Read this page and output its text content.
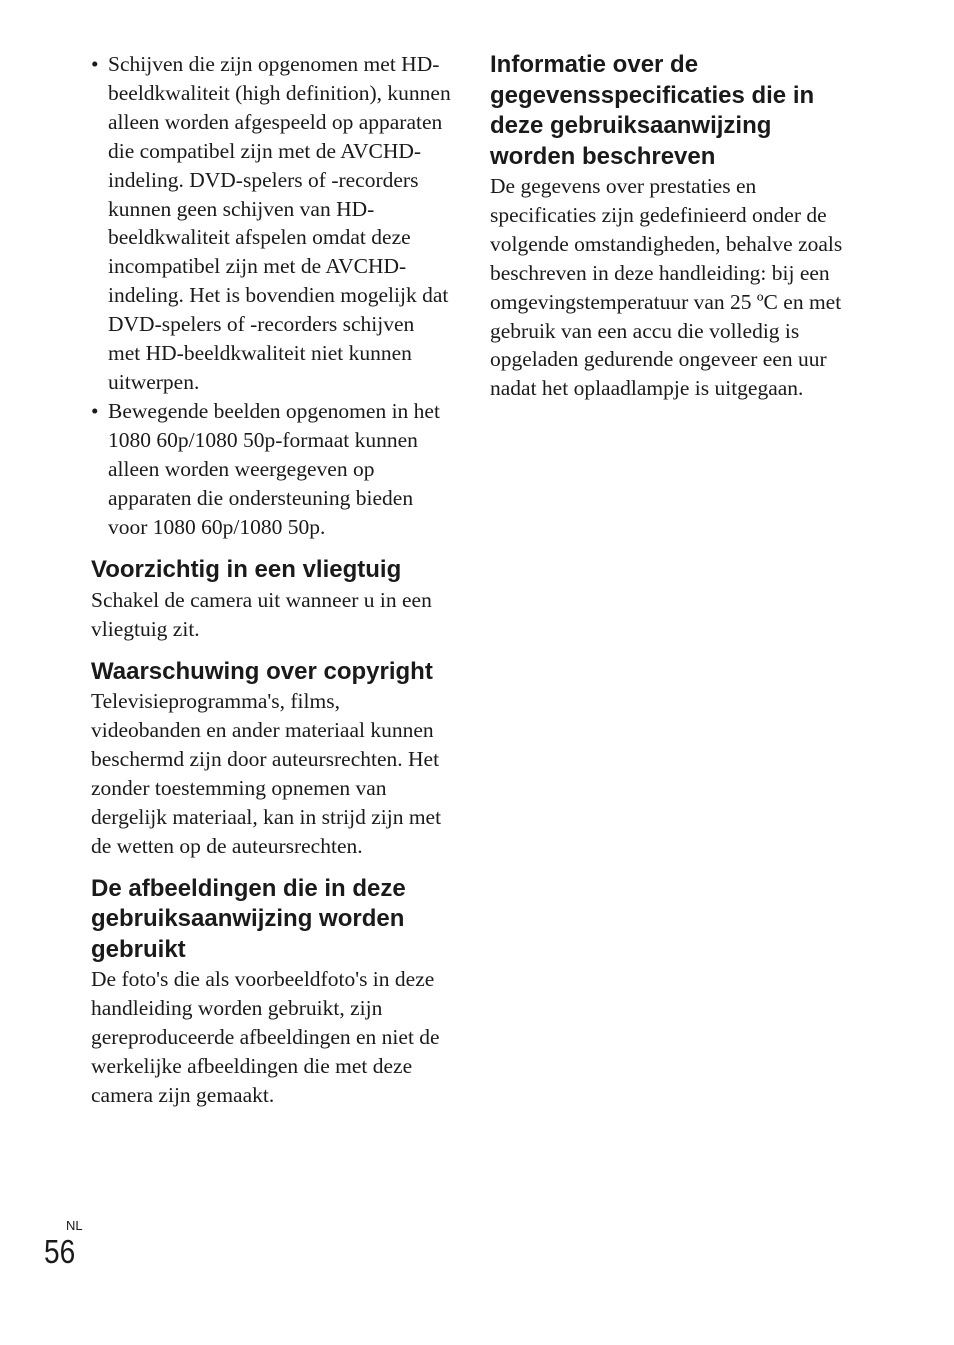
• Schijven die zijn opgenomen met HD-beeldkwaliteit (high definition), kunnen alleen worden afgespeeld op apparaten die compatibel zijn met de AVCHD-indeling. DVD-spelers of -recorders kunnen geen schijven van HD-beeldkwaliteit afspelen omdat deze incompatibel zijn met de AVCHD-indeling. Het is bovendien mogelijk dat DVD-spelers of -recorders schijven met HD-beeldkwaliteit niet kunnen uitwerpen.
• Bewegende beelden opgenomen in het 1080 60p/1080 50p-formaat kunnen alleen worden weergegeven op apparaten die ondersteuning bieden voor 1080 60p/1080 50p.
Voorzichtig in een vliegtuig

Schakel de camera uit wanneer u in een vliegtuig zit.

Waarschuwing over copyright

Televisieprogramma's, films, videobanden en ander materiaal kunnen beschermd zijn door auteursrechten. Het zonder toestemming opnemen van dergelijk materiaal, kan in strijd zijn met de wetten op de auteursrechten.

De afbeeldingen die in deze gebruiksaanwijzing worden gebruikt

De foto's die als voorbeeldfoto's in deze handleiding worden gebruikt, zijn gereproduceerde afbeeldingen en niet de werkelijke afbeeldingen die met deze camera zijn gemaakt.

Informatie over de gegevensspecificaties die in deze gebruiksaanwijzing worden beschreven

De gegevens over prestaties en specificaties zijn gedefinieerd onder de volgende omstandigheden, behalve zoals beschreven in deze handleiding: bij een omgevingstemperatuur van 25 ºC en met gebruik van een accu die volledig is opgeladen gedurende ongeveer een uur nadat het oplaadlampje is uitgegaan.

NL
56
